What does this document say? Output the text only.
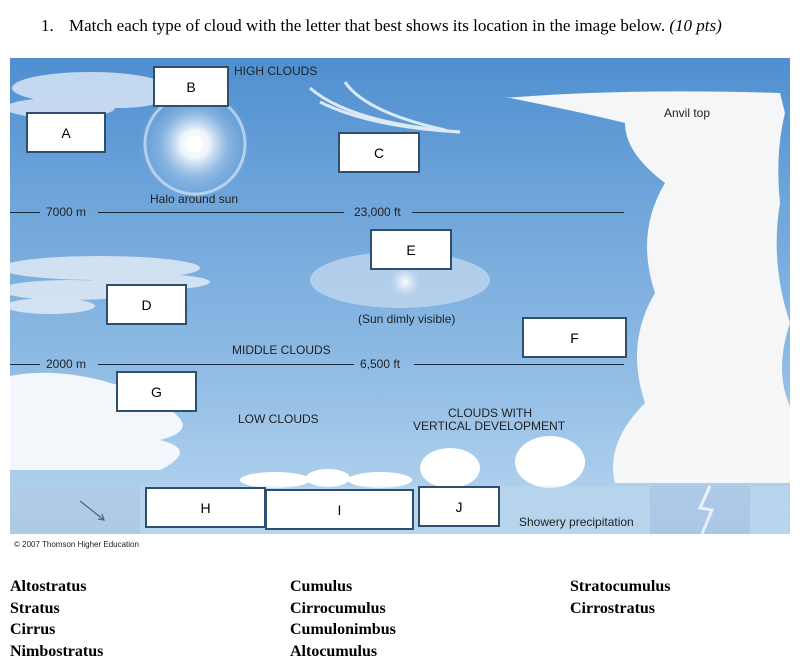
1. Match each type of cloud with the letter that best shows its location in the image below. (10 pts)
HIGH CLOUDS
Anvil top
Halo around sun
7000 m	23,000 ft
(Sun dimly visible)
MIDDLE CLOUDS
2000 m	6,500 ft
LOW CLOUDS	CLOUDS WITH
VERTICAL DEVELOPMENT
Showery precipitation
A
B
C
D
E
F
G
H	I	J
© 2007 Thomson Higher Education
Altostratus
Stratus
Cirrus
Nimbostratus
Cumulus
Cirrocumulus
Cumulonimbus
Altocumulus
Stratocumulus
Cirrostratus
